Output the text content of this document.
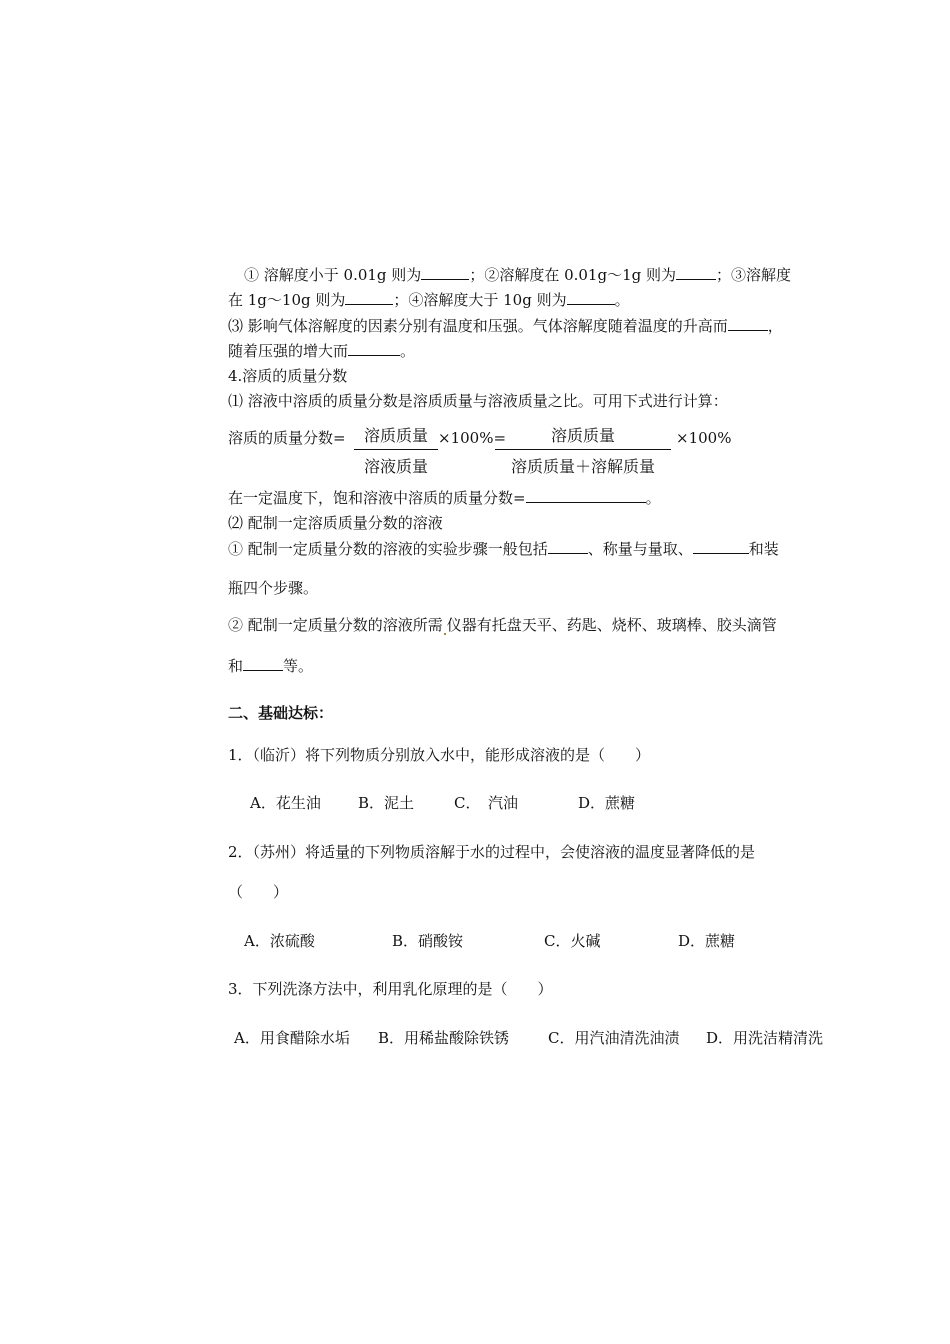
① 溶解度小于 0.01g 则为	；②溶解度在 0.01g～1g 则为	；③溶解度
在 1g～10g 则为	；④溶解度大于 10g 则为	。
⑶ 影响气体溶解度的因素分别有温度和压强。气体溶解度随着温度的升高而	，
随着压强的增大而	。
4.溶质的质量分数
⑴ 溶液中溶质的质量分数是溶质质量与溶液质量之比。可用下式进行计算：
溶质的质量分数=	溶质质量
溶液质量
×100%=	溶质质量
溶质质量＋溶解质量
×100%
在一定温度下，饱和溶液中溶质的质量分数=	。
⑵ 配制一定溶质质量分数的溶液
① 配制一定质量分数的溶液的实验步骤一般包括	、称量与量取、	和装
瓶四个步骤。
② 配制一定质量分数的溶液所需 仪器有托盘天平、药匙、烧杯、玻璃棒、胶头滴管
和	等。
二、基础达标：
1．（临沂）将下列物质分别放入水中，能形成溶液的是（　　）
A．花生油 B．泥土	C．　汽油	D．蔗糖
2．（苏州）将适量的下列物质溶解于水的过程中，会使溶液的温度显著降低的是
（　　）
A．浓硫酸	B．硝酸铵	C．火碱	D．蔗糖
3．下列洗涤方法中，利用乳化原理的是（　　）
A．用食醋除水垢 B．用稀盐酸除铁锈	C．用汽油清洗油渍 D．用洗洁精清洗
